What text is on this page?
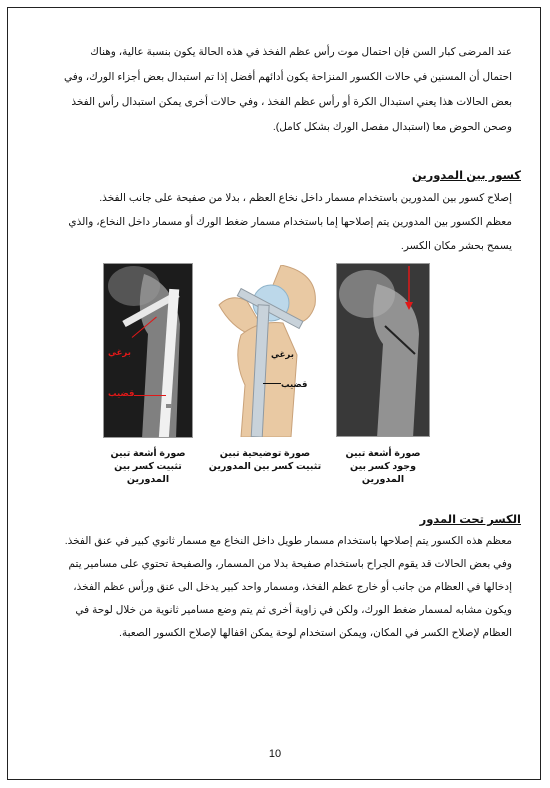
عند المرضى كبار السن فإن احتمال موت رأس عظم الفخذ في هذه الحالة يكون بنسبة عالية، وهناك احتمال أن المسنين في حالات الكسور المنزاحة يكون أدائهم أفضل إذا تم استبدال بعض أجزاء الورك، وفي بعض الحالات هذا يعني استبدال الكرة أو رأس عظم الفخذ ، وفي حالات أخرى يمكن استبدال رأس الفخذ وصحن الحوض معا (استبدال مفصل الورك بشكل كامل).
كسور بين المدورين
إصلاح كسور بين المدورين باستخدام مسمار داخل نخاع العظم ، بدلا من صفيحة على جانب الفخذ.
معظم الكسور بين المدورين يتم إصلاحها إما باستخدام مسمار ضغط الورك أو مسمار داخل النخاع، والذي يسمح بحشر مكان الكسر.
برغي
قضيب
صورة أشعة تبين
تثبيت كسر بين المدورين
برغي
قضيب
صورة توضيحية تبين
تثبيت كسر بين المدورين
صورة أشعة تبين
وجود كسر بين المدورين
الكسر تحت المدور
معظم هذه الكسور يتم إصلاحها باستخدام مسمار طويل داخل النخاع مع مسمار ثانوي كبير في عنق الفخذ.
وفي بعض الحالات قد يقوم الجراح باستخدام صفيحة بدلا من المسمار، والصفيحة تحتوي على مسامير يتم إدخالها في العظام من جانب أو خارج عظم الفخذ، ومسمار واحد كبير يدخل الى عنق ورأس عظم الفخذ، ويكون مشابه لمسمار ضغط الورك، ولكن في زاوية أخرى ثم يتم وضع مسامير ثانوية من خلال لوحة في العظام لإصلاح الكسر في المكان، ويمكن استخدام لوحة يمكن اقفالها لإصلاح الكسور الصعبة.
10
